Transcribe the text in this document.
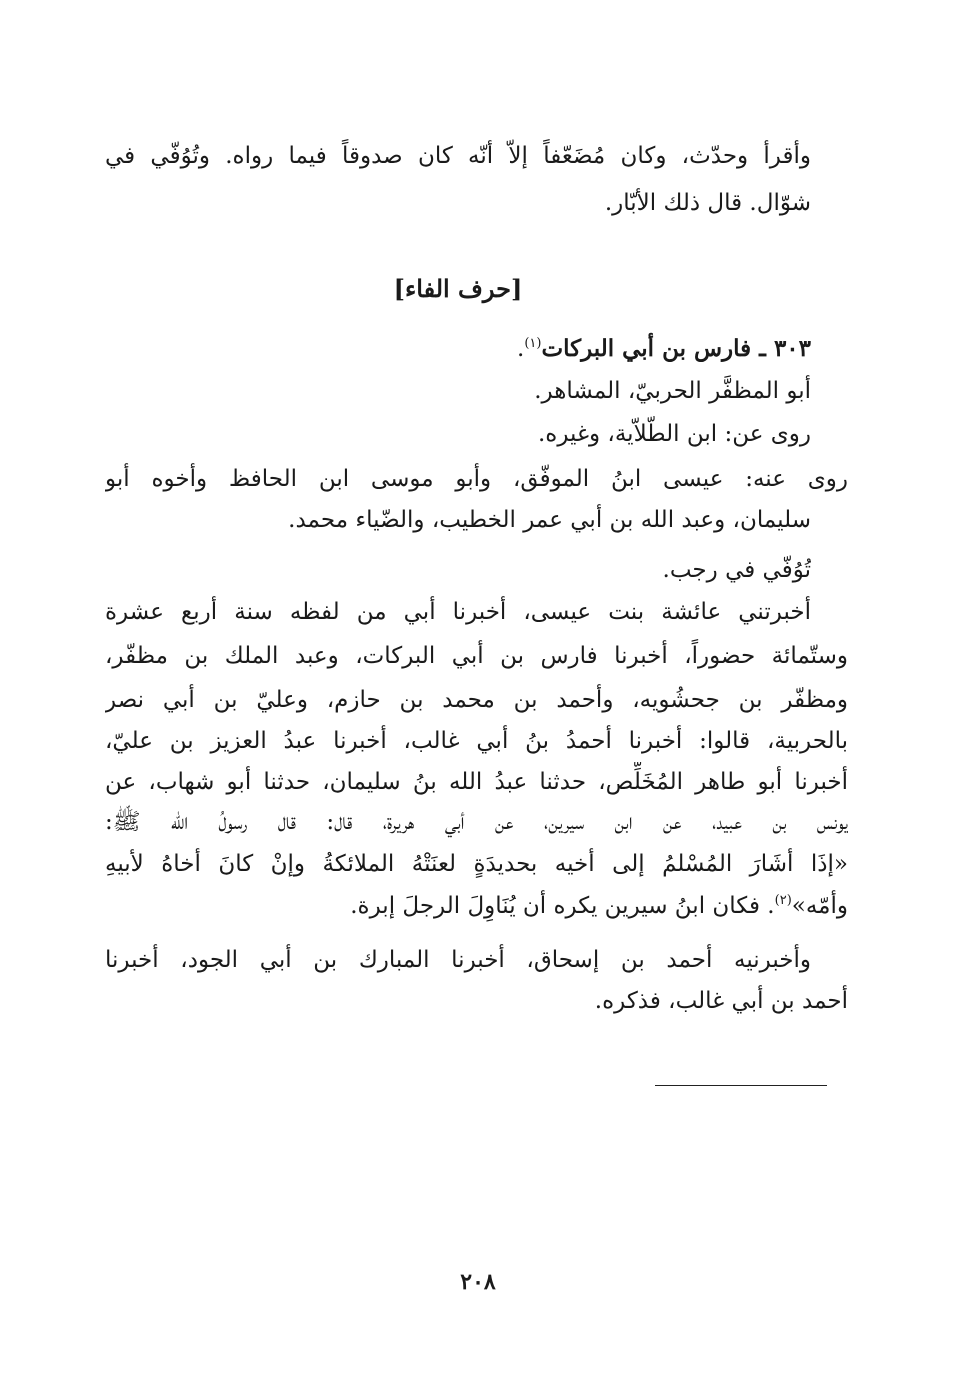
وأقرأ وحدّث، وكان مُضَعّفاً إلاّ أنّه كان صدوقاً فيما رواه. وتُوُفّي في
شوّال. قال ذلك الأبّار.
[حرف الفاء]
٣٠٣ ـ فارس بن أبي البركات$^{(١)}$.
أبو المظفَّر الحربيّ، المشاهر.
روى عن: ابن الطّلاّية، وغيره.
روى عنه: عيسى ابنُ الموفّق، وأبو موسى ابن الحافظ وأخوه أبو
سليمان، وعبد الله بن أبي عمر الخطيب، والضّياء محمد.
تُوُفّي في رجب.
أخبرتني عائشة بنت عيسى، أخبرنا أبي من لفظه سنة أربع عشرة
وستّمائة حضوراً، أخبرنا فارس بن أبي البركات، وعبد الملك بن مظفّر،
ومظفّر بن جحشُويه، وأحمد بن محمد بن حازم، وعليّ بن أبي نصر
بالحربية، قالوا: أخبرنا أحمدُ بنُ أبي غالب، أخبرنا عبدُ العزيز بن عليّ،
أخبرنا أبو طاهر المُخَلِّص، حدثنا عبدُ الله بنُ سليمان، حدثنا أبو شهاب، عن
يونس بن عبيد، عن ابن سيرين، عن أبي هريرة، قال: قال رسولُ الله ﷺ:
«إذَا أشَارَ المُسْلمُ إلى أخيه بحديدَةٍ لعنَتْهُ الملائكةُ وإنْ كانَ أخاهُ لأبيهِ
وأمّه»$^{(٢)}$. فكان ابنُ سيرين يكره أن يُنَاوِلَ الرجلَ إبرة.
وأخبرنيه أحمد بن إسحاق، أخبرنا المبارك بن أبي الجود، أخبرنا
أحمد بن أبي غالب، فذكره.
٢٠٨
